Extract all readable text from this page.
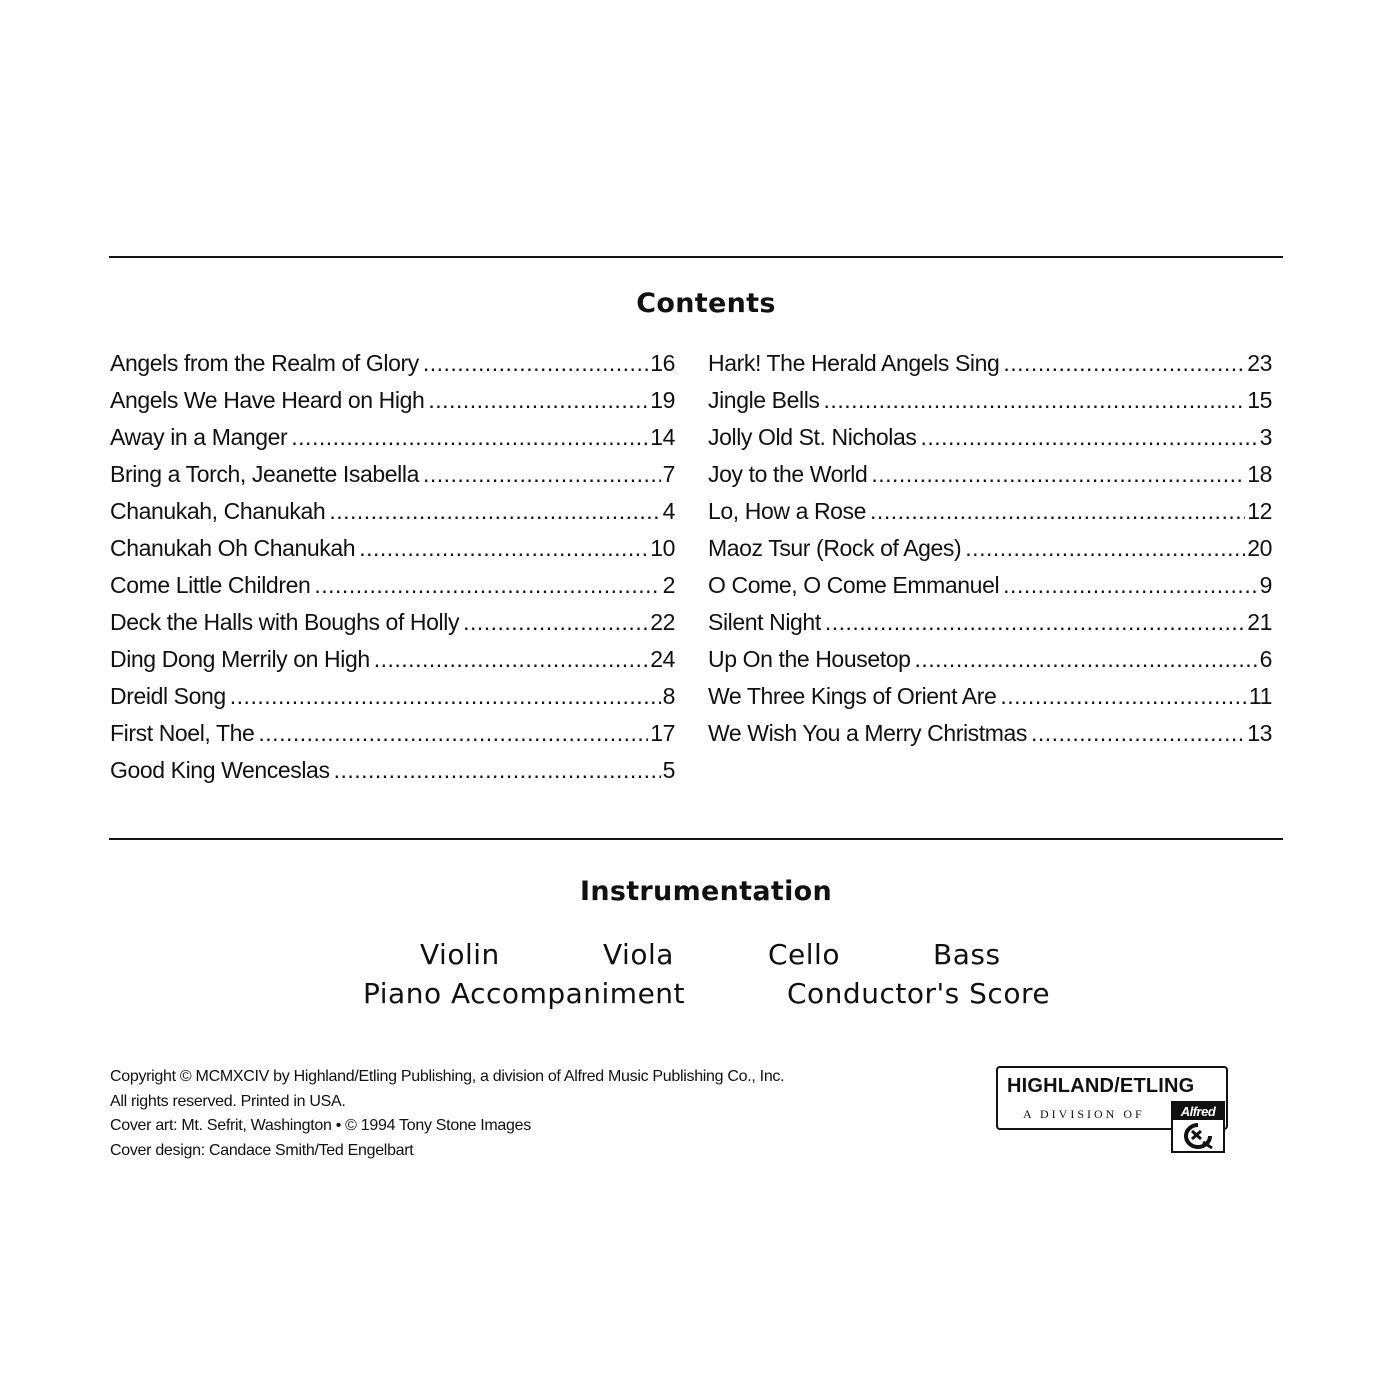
Contents
Angels from the Realm of Glory .....	16
Angels We Have Heard on High .....	19
Away in a Manger .....	14
Bring a Torch, Jeanette Isabella .....	7
Chanukah, Chanukah .....	4
Chanukah Oh Chanukah .....	10
Come Little Children .....	2
Deck the Halls with Boughs of Holly .....	22
Ding Dong Merrily on High .....	24
Dreidl Song .....	8
First Noel, The .....	17
Good King Wenceslas .....	5
Hark! The Herald Angels Sing .....	23
Jingle Bells .....	15
Jolly Old St. Nicholas .....	3
Joy to the World .....	18
Lo, How a Rose .....	12
Maoz Tsur (Rock of Ages) .....	20
O Come, O Come Emmanuel .....	9
Silent Night .....	21
Up On the Housetop .....	6
We Three Kings of Orient Are .....	11
We Wish You a Merry Christmas .....	13
Instrumentation
Violin	Viola	Cello	Bass
Piano Accompaniment	Conductor's Score
Copyright © MCMXCIV by Highland/Etling Publishing, a division of Alfred Music Publishing Co., Inc.
All rights reserved. Printed in USA.
Cover art: Mt. Sefrit, Washington • © 1994 Tony Stone Images
Cover design: Candace Smith/Ted Engelbart
HIGHLAND/ETLING
A DIVISION OF	Alfred
